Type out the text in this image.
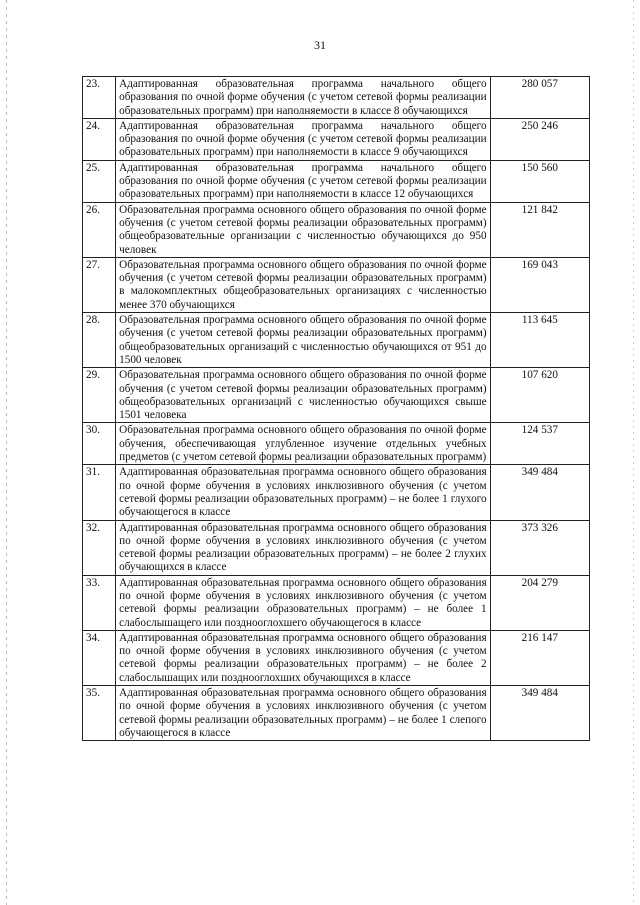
31
23.	Адаптированная образовательная программа начального общего образования по очной форме обучения (с учетом сетевой формы реализации образовательных программ) при наполняемости в классе 8 обучающихся	280 057
24.	Адаптированная образовательная программа начального общего образования по очной форме обучения (с учетом сетевой формы реализации образовательных программ) при наполняемости в классе 9 обучающихся	250 246
25.	Адаптированная образовательная программа начального общего образования по очной форме обучения (с учетом сетевой формы реализации образовательных программ) при наполняемости в классе 12 обучающихся	150 560
26.	Образовательная программа основного общего образования по очной форме обучения (с учетом сетевой формы реализации образовательных программ) общеобразовательные организации с численностью обучающихся до 950 человек	121 842
27.	Образовательная программа основного общего образования по очной форме обучения (с учетом сетевой формы реализации образовательных программ) в малокомплектных общеобразовательных организациях с численностью менее 370 обучающихся	169 043
28.	Образовательная программа основного общего образования по очной форме обучения (с учетом сетевой формы реализации образовательных программ) общеобразовательных организаций с численностью обучающихся от 951 до 1500 человек	113 645
29.	Образовательная программа основного общего образования по очной форме обучения (с учетом сетевой формы реализации образовательных программ) общеобразовательных организаций с численностью обучающихся свыше 1501 человека	107 620
30.	Образовательная программа основного общего образования по очной форме обучения, обеспечивающая углубленное изучение отдельных учебных предметов (с учетом сетевой формы реализации образовательных программ)	124 537
31.	Адаптированная образовательная программа основного общего образования по очной форме обучения в условиях инклюзивного обучения (с учетом сетевой формы реализации образовательных программ) – не более 1 глухого обучающегося в классе	349 484
32.	Адаптированная образовательная программа основного общего образования по очной форме обучения в условиях инклюзивного обучения (с учетом сетевой формы реализации образовательных программ) – не более 2 глухих обучающихся в классе	373 326
33.	Адаптированная образовательная программа основного общего образования по очной форме обучения в условиях инклюзивного обучения (с учетом сетевой формы реализации образовательных программ) – не более 1 слабослышащего или позднооглохшего обучающегося в классе	204 279
34.	Адаптированная образовательная программа основного общего образования по очной форме обучения в условиях инклюзивного обучения (с учетом сетевой формы реализации образовательных программ) – не более 2 слабослышащих или позднооглохших обучающихся в классе	216 147
35.	Адаптированная образовательная программа основного общего образования по очной форме обучения в условиях инклюзивного обучения (с учетом сетевой формы реализации образовательных программ) – не более 1 слепого обучающегося в классе	349 484
